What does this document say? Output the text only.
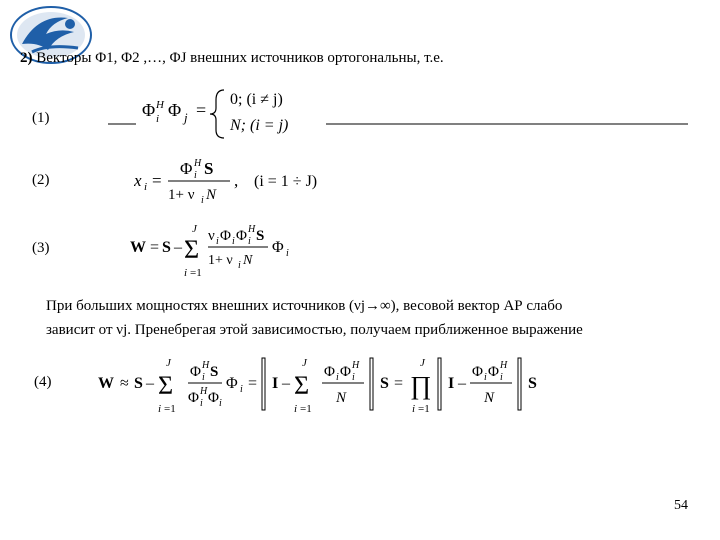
2) Векторы Φ1, Φ2 ,…, ΦJ внешних источников ортогональны, т.е.
(1)	Φ H
i Φ j =
0; (i ≠ j)
N; (i = j)
(2)	x i =
Φ H
i S
1+ ν i N
, (i = 1 ÷ J)
(3)	W = S –
J
Σ
i =1
ν i Φ i Φ H
i S
1+ ν i N
Φ i
При больших мощностях внешних источников (νj→∞), весовой вектор АР слабо
зависит от νj. Пренебрегая этой зависимостью, получаем приближенное выражение
(4)	W ≈ S –
J
Σ
i =1
Φ H
i S
Φ H
i Φ i
Φ i = I –
J
Σ
i =1
Φ i Φ H
i
N
S =
J
∏
i =1
I –
Φ i Φ H
i
N
S
54
